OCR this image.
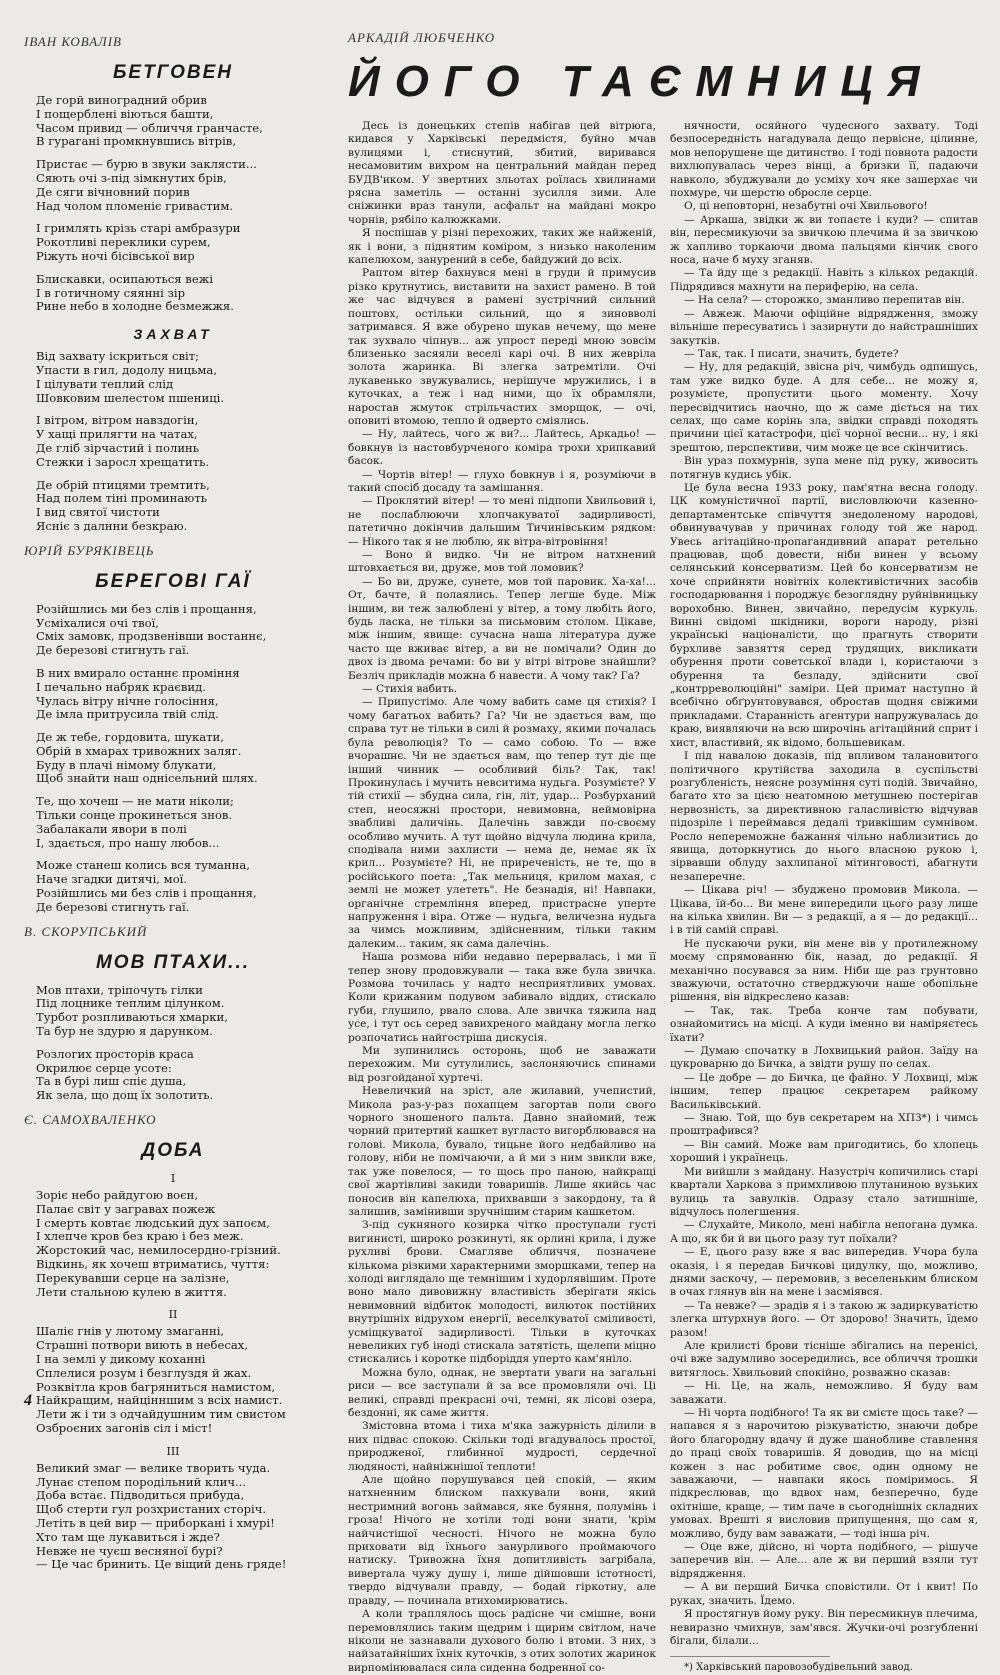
ІВАН КОВАЛІВ
БЕТГОВЕН
Де горй виноградний обрив
І пощерблені віються башти,
Часом привид — обличчя гранчасте,
В гурагані промкнувшись вітрів,
Пристає — бурю в звуки заклясти...
Сяють очі з-під зімкнутих брів,
Де сяги вічновний порив
Над чолом пломеніє гривастим.
І гримлять крізь старі амбразури
Рокотливі переклики сурем,
Ріжуть ночі бісівської вир
Блискавки, осипаються вежі
І в готичному сяянні зір
Рине небо в холодне безмежжя.
ЗАХВАТ
Від захвату іскриться світ;
Упасти в гил, додолу ницьма,
І цілувати теплий слід
Шовковим шелестом пшениці.
І вітром, вітром навздогін,
У хащі прилягти на чатах,
Де гліб зірчастий і полинь
Стежки і заросл хрещатить.
Де обрій птицями тремтить,
Над полем тіні проминають
І вид святої чистоти
Ясніє з далнни безкраю.
ЮРІЙ БУРЯКІВЕЦЬ
БЕРЕГОВІ ГАЇ
Розійшлись ми без слів і прощання,
Усміхалися очі твої,
Сміх замовк, продзвенівши востаннє,
Де березові стигнуть гаї.
В них вмирало останнє проміння
І печально набряк краєвид.
Чулась вітру нічне голосіння,
Де імла притрусила твій слід.
Де ж тебе, гордовита, шукати,
Обрій в хмарах тривожних заляг.
Буду в плачі німому блукати,
Щоб знайти наш однісельний шлях.
Те, що хочеш — не мати ніколи;
Тільки сонце прокинеться знов.
Забалакали явори в полі
І, здається, про нашу любов...
Може станеш колись вся туманна,
Наче згадки дитячі, мої.
Розійшлись ми без слів і прощання,
Де березові стигнуть гаї.
В. СКОРУПСЬКИЙ
МОВ ПТАХИ...
Мов птахи, тріпочуть гілки
Під лоцнике теплим цілунком.
Турбот розпливаються хмарки,
Та бур не здурю я дарунком.
Розлогих просторів краса
Окрилює серце усоте:
Та в бурі лиш спіє душа,
Як зела, що дощ їх золотить.
Є. САМОХВАЛЕНКО
ДОБА
І
Зоріє небо райдугою воєн,
Палає світ у загравах пожеж
І смерть ковтає людський дух запоєм,
І хлепче кров без краю і без меж.
Жорстокий час, немилосердно-грізний.
Відкинь, як хочеш втриматись, чуття:
Перекувавши серце на залізне,
Лети стальною кулею в життя.
ІІ
Шаліє гнів у лютому змаганні,
Страшні потвори виють в небесах,
І на землі у дикому коханні
Сплелися розум і безглуздя й жах.
Розквітла кров багряниться намистом,
Найкращим, найцінншим з всіх намист.
Лети ж і ти з одчайдушним тим свистом
Озброєних загонів сіл і міст!
ІІІ
Великий змаг — велике творить чуда.
Лунає степом породільний клич...
Доба встає. Підводиться прибуда,
Щоб стерти гул розхристаних сторіч.
Летіть в цей вир — приборкані і хмурі!
Хто там ще лукавиться і жде?
Невже не чуєш весняної бурі?
— Це час бринить. Це віщий день гряде!
АРКАДІЙ ЛЮБЧЕНКО
ЙОГО ТАЄМНИЦЯ

Десь із донецьких степів набігав цей вітрюга, кидався у Харківські передмістя, буйно мчав вулицями і, стиснутий, збитий, виривався несамовитим вихром на центральний майдан перед БУДВ'иком. У звертних зльотах роїлась хвилинами рясна заметіль — останні зусилля зими. Але сніжинки враз танули, асфальт на майдані мокро чорнів, рябіло калюжками.

Я поспішав у різні перехожих, таких же найженій, як і вони, з піднятим коміром, з низько наколеним капелюхом, занурений в себе, байдужий до всіх.

Раптом вітер бахнувся мені в груди й примусив різко крутнутись, виставити на захист рамено. В той же час відчувся в рамені зустрічний сильний поштовх, остільки сильний, що я зиновволі затримався. Я вже обурено шукав нечему, що мене так зухвало чіпнув... аж упрост переді мною зовсім близенько засяяли веселі карі очі. В них жевріла золота жаринка. Ві злегка затремтіли. Очі лукавенько звужувались, нерішуче мружились, і в куточках, а теж і над ними, що їх обрамляли, наростав жмуток стрільчастих зморщок, — очі, оповиті втомою, тепло й одверто сміялись.

— Ну, лайтесь, чого ж ви?... Лайтесь, Аркадьо! — бовкнув із настовбурченого коміра трохи хрипкавий басок.

— Чортів вітер! — глухо бовкнув і я, розуміючи в такий спосіб досаду та замішання.

— Проклятий вітер! — то мені підпопи Хвильовий і, не послаблюючи хлопчакуватої задирливості, патетично докінчив дальшим Тичинівським рядком: — Нікого так я не люблю, як вітра-вітровіння!

— Воно й видко. Чи не вітром натхнений штовхається ви, друже, мов той ломовик?

— Бо ви, друже, сунете, мов той паровик. Ха-ха!... От, бачте, й полаялись. Тепер легше буде. Між іншим, ви теж залюблені у вітер, а тому любіть його, будь ласка, не тільки за письмовим столом. Цікаве, між іншим, явище: сучасна наша література дуже часто ще вживає вітер, а ви не помічали? Один до двох із двома речами: бо ви у вітрі вітрове знайшли? Безліч прикладів можна б навести. А чому так? Га?

— Стихія вабить.

— Припустімо. Але чому вабить саме ця стихія? І чому багатьох вабить? Га? Чи не здається вам, що справа тут не тільки в силі й розмаху, якими почалась була революція? То — само собою. То — вже вчорашнє. Чи не здається вам, що тепер тут діє ще інший чинник — особливий біль? Так, так! Прокинулась і мучить невситима нудьга. Розумієте? У тій стихії — збудна сила, гін, літ, удар... Розбурханий степ, неосяжні простори, невимовна, неймовірна звабливі даличінь. Далечінь завжди по-своєму особливо мучить. А тут щойно відчула людина крила, сподівала ними захлисти — нема де, немає як їх крил... Розумієте? Ні, не приреченість, не те, що в російського поета: „Так мельниця, крилом махая, с землі не может улететь". Не безнадія, ні! Навпаки, органічне стремління вперед, пристрасне уперте напруження і віра. Отже — нудьга, величезна нудьга за чимсь можливим, здійсненним, тільки таким далеким... таким, як сама далечінь.

Наша розмова ніби недавно перервалась, і ми її тепер знову продовжували — така вже була звичка. Розмова точилась у надто несприятливих умовах. Коли крижаним подувом забивало віддих, стискало губи, глушило, рвало слова. Але звичка тяжила над усе, і тут ось серед завихреного майдану могла легко розпочатись найгостріша дискусія.

Ми зупинились осторонь, щоб не заважати перехожим. Ми сутулились, заслоняючись спинами від розгойданої хуртечі.

Невеличкий на зріст, але жилавий, учепистий, Микола раз-у-раз похапцем загортав поли свого чорного зношеного пальта. Давно знайомий, теж чорний притертий кашкет вугласто вигорблювався на голові. Микола, бувало, тицьне його недбайливо на голову, ніби не помічаючи, а й ми з ним звикли вже, так уже повелося, — то щось про паною, найкращі свої жартівливі закиди товаришів. Лише якийсь час поносив він капелюха, прихвавши з закордону, та й залишив, замінивши зручнішим старим кашкетом.

З-під сукняного козирка чітко проступали густі вигинисті, широко розкинуті, як орлині крила, і дуже рухливі брови. Смагляве обличчя, позначене кількома різкими характерними зморшками, тепер на холоді виглядало ще темнішим і худорлявішим. Проте воно мало дивовижну властивість зберігати якісь невимовний відбиток молодості, вилюток постійних внутрішніх відрухом енергії, веселкуватої сміливості, усміщкуватої задирливості. Тільки в куточках невеликих губ іноді стискала затятість, щелепи міцно стискались і коротке підборіддя уперто кам'яніло.

Можна було, однак, не звертати уваги на загальні риси — все заступали й за все промовляли очі. Ці великі, справді прекрасні очі, темні, як лісові озера, бездонні, як саме життя.

Змістовна втома і тиха м'яка зажурність ділили в них підвас спокою. Скільки тоді вгадувалось простої, природженої, глибинної мудрості, сердечної людяності, найніжнішої теплоти!

Але щойно порушувався цей спокій, — яким натхненним блиском пахкували вони, який нестримний вогонь займався, яке буяння, полумінь і гроза! Нічого не хотіли тоді вони знати, 'крім найчистішої чесності. Нічого не можна було приховати від їхнього занурливого проймаючого натиску. Тривожна їхня допитливість загрібала, вивертала чужу душу і, лише дійшовши істотності, твердо відчували правду, — бодай гіркотну, але правду, — починала втихомирюватись.

А коли траплялось щось радісне чи смішне, вони перемовлялись таким щедрим і щирим світлом, наче ніколи не зазнавали духового болю і втоми. З них, з найзатайніших їхніх куточків, з отих золотих жаринок вирпомінювалася сила сиденна бодренної со-

нячности, осяйного чудесного захвату. Тоді безпосередність нагадувала дещо первісне, цілинне, мов непорушене ще дитинство. І тоді повнота радости вихлюпувалась через вінці, а бризки її, падаючи навколо, збуджували до усміху хоч яке зашерхає чи похмуре, чи шерстю обросле серце.

О, ці неповторні, незабутні очі Хвильового!

— Аркаша, звідки ж ви топаєте і куди? — спитав він, пересмикуючи за звичкою плечима й за звичкою ж хапливо торкаючи двома пальцями кінчик свого носа, наче б муху зганяв.

— Та йду ще з редакції. Навіть з кількох редакцій. Підрядився махнути на периферію, на села.

— На села? — сторожко, зманливо перепитав він.

— Авжеж. Маючи офіційне відрядження, зможу вільніше пересуватись і зазирнути до найстрашніших закутків.

— Так, так. І писати, значить, будете?

— Ну, для редакцій, звісна річ, чимбудь одпишусь, там уже видко буде. А для себе... не можу я, розумієте, пропустити цього моменту. Хочу пересвідчитись наочно, що ж саме діється на тих селах, що саме корінь зла, звідки справді походять причини цієї катастрофи, цієї чорної весни... ну, і які зрештою, перспективи, чим може це все скінчитись.

Він ураз похмурнів, зупа мене під руку, живосить потягнув кудись убік.

Це була весна 1933 року, пам'ятна весна голоду. ЦК комуністичної партії, висловлюючи казенно-департаментське співчуття знедоленому народові, обвинувачував у причинах голоду той же народ. Увесь агітаційно-пропагандивний апарат ретельно працював, щоб довести, ніби винен у всьому селянський консерватизм. Цей бо консерватизм не хоче сприйняти новітніх колективістичних засобів господарювання і породжує безоглядну руйнівницьку ворохобню. Винен, звичайно, передусім куркуль. Винні свідомі шкідники, вороги народу, різні українські націоналісти, що прагнуть створити бурхливе завзяття серед трудящих, викликати обурення проти советської влади і, користаючи з обурення та безладу, здійснити свої „контрреволюційні" заміри. Цей примат наступно й всебічно обґрунтовувався, обростав щодня свіжими прикладами. Старанність агентури напружувалась до краю, виявляючи на всю широчінь агітаційний сприт і хист, властивий, як відомо, большевикам.

І під навалою доказів, під впливом талановитого політичного крутійства заходила в суспільстві розгубленість, неясне розуміння суті подій. Звичайно, багато хто за цією неатомною метушнею постерігав нервозність, за директивною галасливістю відчував підозріле і переймався дедалі тривкішим сумнівом. Росло непереможне бажання чільно наблизитись до явища, доторкнутись до нього власною рукою і, зірвавши облуду захлипаної мітинговості, абагнути незаперечне.

— Цікава річ! — збуджено промовив Микола. — Цікава, їй-бо... Ви мене випередили цього разу лише на кілька хвилин. Ви — з редакції, а я — до редакції... і в тій самій справі.

Не пускаючи руки, він мене вів у протилежному моєму спрямованню бік, назад, до редакції. Я механічно посувався за ним. Ніби ще раз грунтовно зважуючи, остаточно стверджуючи наше обопільне рішення, він відкреслено казав:

— Так, так. Треба конче там побувати, ознайомитись на місці. А куди іменно ви наміряєтесь їхати?

— Думаю спочатку в Лохвицький район. Заїду на цукроварню до Бичка, а звідти рушу по селах.

— Це добре — до Бичка, це файно. У Лохвиці, між іншим, тепер працює секретарем райкому Васильківський.

— Знаю. Той, що був секретарем на ХПЗ*) і чимсь проштрафився?

— Він самий. Може вам пригодитись, бо хлопець хороший і українець.

Ми вийшли з майдану. Назустріч копичились старі квартали Харкова з примхливою плутаниною вузьких вулиць та завулків. Одразу стало затишніше, відчулось полегшення.

— Слухайте, Миколо, мені набігла непогана думка. А що, як би й ви цього разу тут поїхали?

— Е, цього разу вже я вас випередив. Учора була оказія, і я передав Бичкові цидулку, що, можливо, днями заскочу, — перемовив, з веселеньким блиском в очах глянув він на мене і засміявся.

— Та невже? — зрадів я і з такою ж задиркуватістю злегка штурхнув його. — От здорово! Значить, їдемо разом!

Але крилисті брови тісніше збігались на перенісі, очі вже задумливо зосередились, все обличчя трошки витяглось. Хвильовий спокійно, розважно сказав:

— Ні. Це, на жаль, неможливо. Я буду вам заважати.

— Ні чорта подібного! Та як ви смієте щось таке? — напався я з нарочитою різкуватістю, знаючи добре його благородну вдачу й дуже шанобливе ставлення до праці своїх товаришів. Я доводив, що на місці кожен з нас робитиме своє, один одному не заважаючи, — навпаки якось поміримось. Я підкреслював, що вдвох нам, безперечно, буде охітніше, краще, — тим паче в сьогоднішніх складних умовах. Врешті я висловив припущення, що сам я, можливо, буду вам заважати, — тоді інша річ.

— Оце вже, дійсно, ні чорта подібного, — рішуче заперечив він. — Але... але ж ви перший взяли тут відрядження.

— А ви перший Бичка сповістили. От і квит! По руках, значить. Їдемо.

Я простягнув йому руку. Він пересмикнув плечима, невиразно чмихнув, зам'явся. Жучки-очі розгубленні бігали, білали...

*) Харківський паровозобудівельний завод.
4
